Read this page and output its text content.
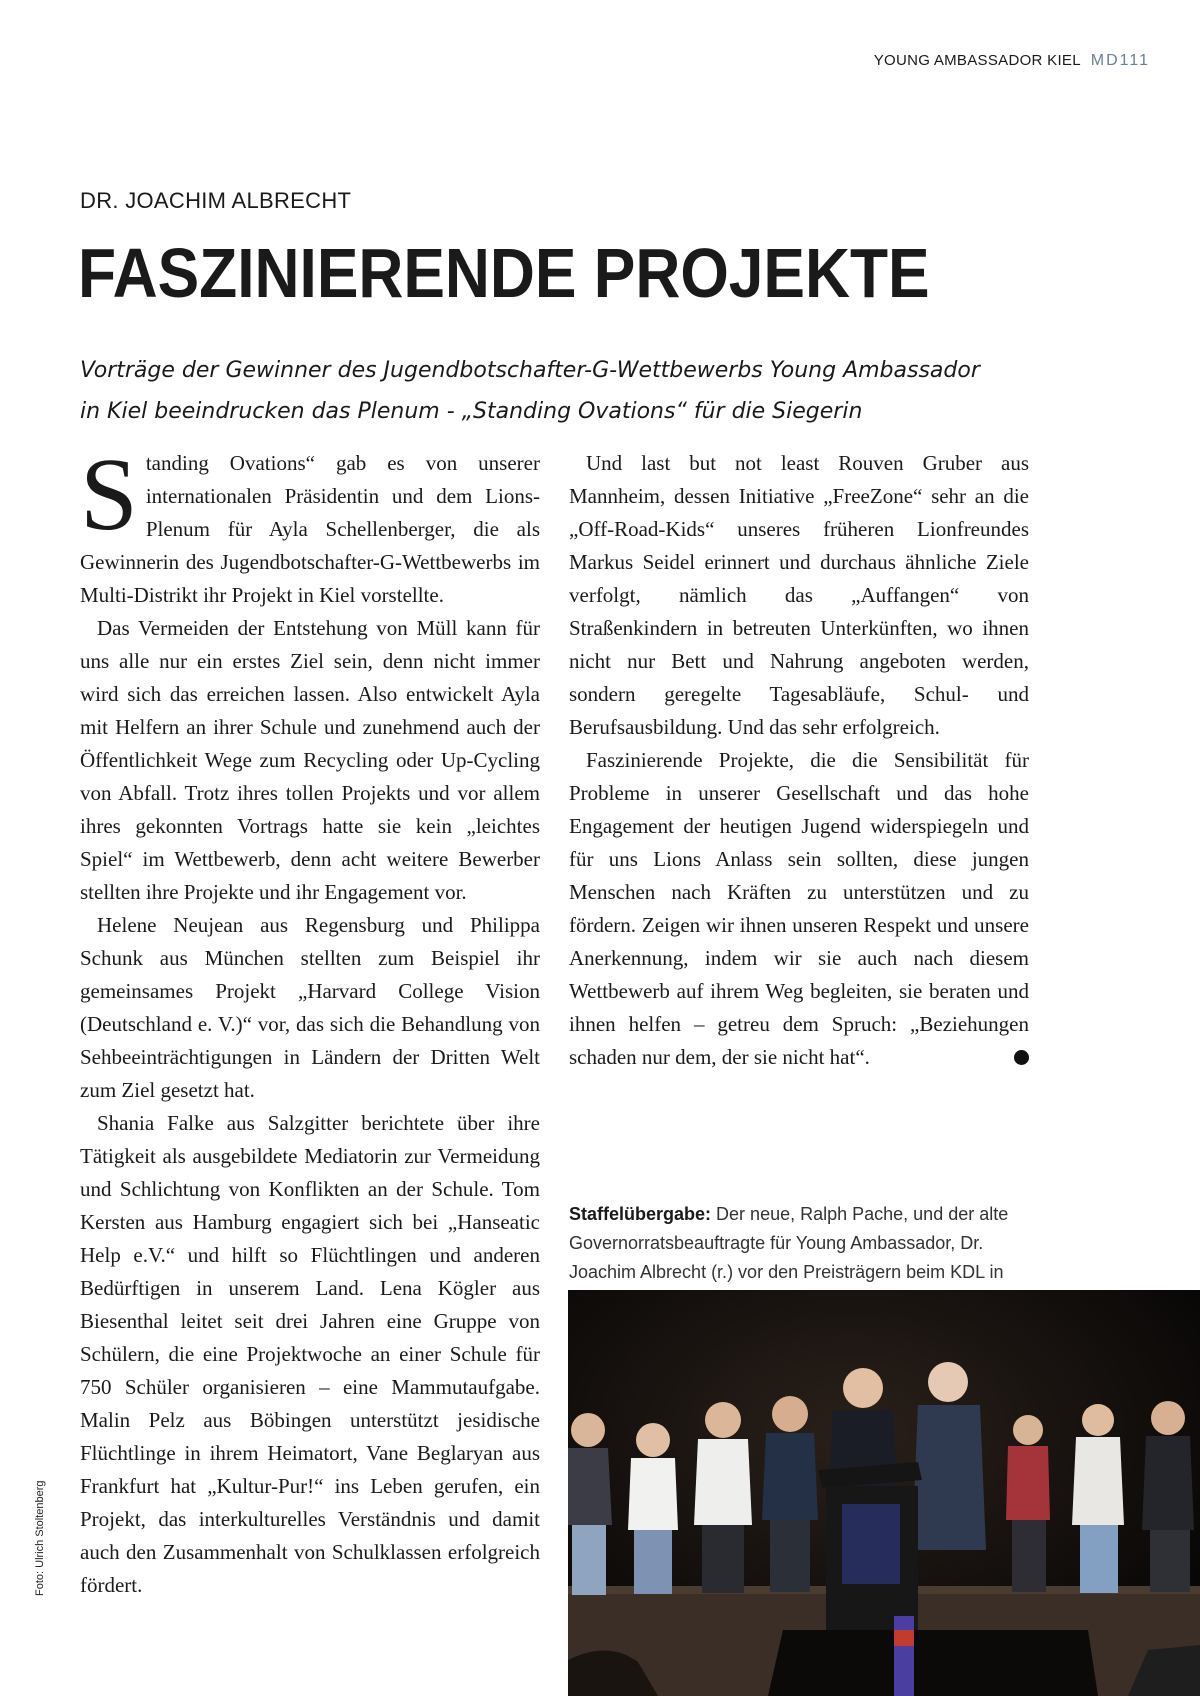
YOUNG AMBASSADOR KIEL MD111
DR. JOACHIM ALBRECHT
FASZINIERENDE PROJEKTE

Vorträge der Gewinner des Jugendbotschafter-G-Wettbewerbs Young Ambassador

in Kiel beeindrucken das Plenum - „Standing Ovations“ für die Siegerin

Standing Ovations“ gab es von unserer internationalen Präsidentin und dem Lions-Plenum für Ayla Schellenberger, die als Gewinnerin des Jugendbotschafter-G-Wettbewerbs im Multi-Distrikt ihr Projekt in Kiel vorstellte.

Das Vermeiden der Entstehung von Müll kann für uns alle nur ein erstes Ziel sein, denn nicht immer wird sich das erreichen lassen. Also entwickelt Ayla mit Helfern an ihrer Schule und zunehmend auch der Öffentlichkeit Wege zum Recycling oder Up-Cycling von Abfall. Trotz ihres tollen Projekts und vor allem ihres gekonnten Vortrags hatte sie kein „leichtes Spiel“ im Wettbewerb, denn acht weitere Bewerber stellten ihre Projekte und ihr Engagement vor.

Helene Neujean aus Regensburg und Philippa Schunk aus München stellten zum Beispiel ihr gemeinsames Projekt „Harvard College Vision (Deutschland e. V.)“ vor, das sich die Behandlung von Sehbeeinträchtigungen in Ländern der Dritten Welt zum Ziel gesetzt hat.

Shania Falke aus Salzgitter berichtete über ihre Tätigkeit als ausgebildete Mediatorin zur Vermeidung und Schlichtung von Konflikten an der Schule. Tom Kersten aus Hamburg engagiert sich bei „Hanseatic Help e.V.“ und hilft so Flüchtlingen und anderen Bedürftigen in unserem Land. Lena Kögler aus Biesenthal leitet seit drei Jahren eine Gruppe von Schülern, die eine Projektwoche an einer Schule für 750 Schüler organisieren – eine Mammutaufgabe. Malin Pelz aus Böbingen unterstützt jesidische Flüchtlinge in ihrem Heimatort, Vane Beglaryan aus Frankfurt hat „Kultur-Pur!“ ins Leben gerufen, ein Projekt, das interkulturelles Verständnis und damit auch den Zusammenhalt von Schulklassen erfolgreich fördert.

Und last but not least Rouven Gruber aus Mannheim, dessen Initiative „FreeZone“ sehr an die „Off-Road-Kids“ unseres früheren Lionfreundes Markus Seidel erinnert und durchaus ähnliche Ziele verfolgt, nämlich das „Auffangen“ von Straßenkindern in betreuten Unterkünften, wo ihnen nicht nur Bett und Nahrung angeboten werden, sondern geregelte Tagesabläufe, Schul- und Berufsausbildung. Und das sehr erfolgreich.

Faszinierende Projekte, die die Sensibilität für Probleme in unserer Gesellschaft und das hohe Engagement der heutigen Jugend widerspiegeln und für uns Lions Anlass sein sollten, diese jungen Menschen nach Kräften zu unterstützen und zu fördern. Zeigen wir ihnen unseren Respekt und unsere Anerkennung, indem wir sie auch nach diesem Wettbewerb auf ihrem Weg begleiten, sie beraten und ihnen helfen – getreu dem Spruch: „Beziehungen schaden nur dem, der sie nicht hat“.	L

Staffelübergabe: Der neue, Ralph Pache, und der alte Governorratsbeauftragte für Young Ambassador, Dr. Joachim Albrecht (r.) vor den Preisträgern beim KDL in
Foto: Ulrich Stoltenberg
